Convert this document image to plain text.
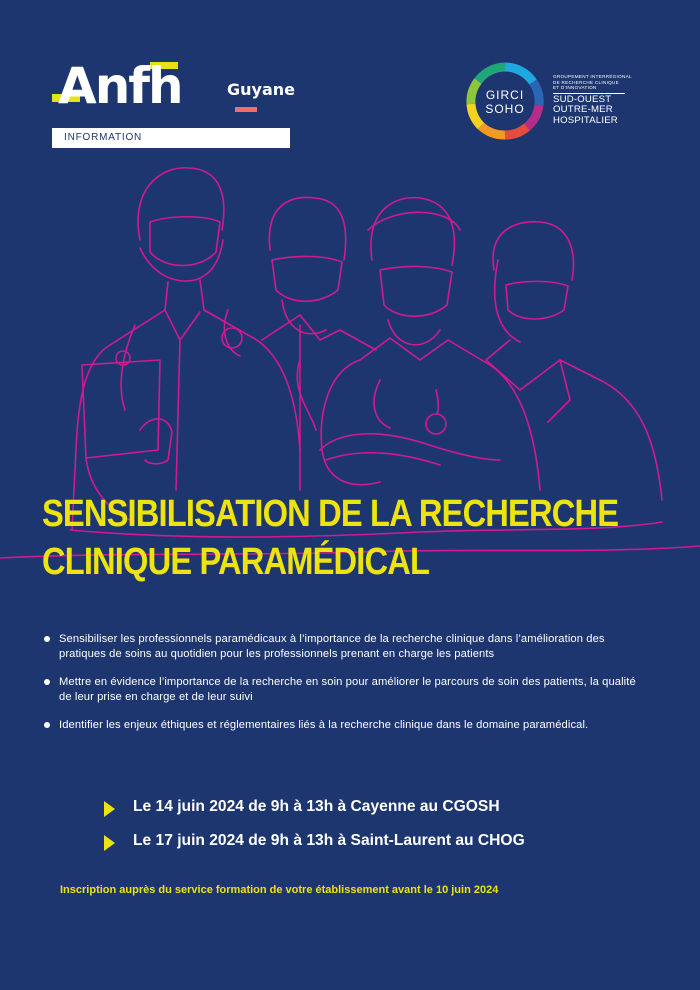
Anfh	Guyane
INFORMATION
GIRCI
SOHO
GROUPEMENT INTERRÉGIONAL
DE RECHERCHE CLINIQUE
ET D'INNOVATION
SUD-OUEST
OUTRE-MER
HOSPITALIER
SENSIBILISATION DE LA RECHERCHE
CLINIQUE PARAMÉDICAL
Sensibiliser les professionnels paramédicaux à l’importance de la recherche clinique dans l’amélioration des pratiques de soins au quotidien pour les professionnels prenant en charge les patients
Mettre en évidence l’importance de la recherche en soin pour améliorer le parcours de soin des patients, la qualité de leur prise en charge et de leur suivi
Identifier les enjeux éthiques et réglementaires liés à la recherche clinique dans le domaine paramédical.
Le 14 juin 2024 de 9h à 13h à Cayenne au CGOSH
Le 17 juin 2024 de 9h à 13h à Saint-Laurent au CHOG
Inscription auprès du service formation de votre établissement avant le 10 juin 2024
